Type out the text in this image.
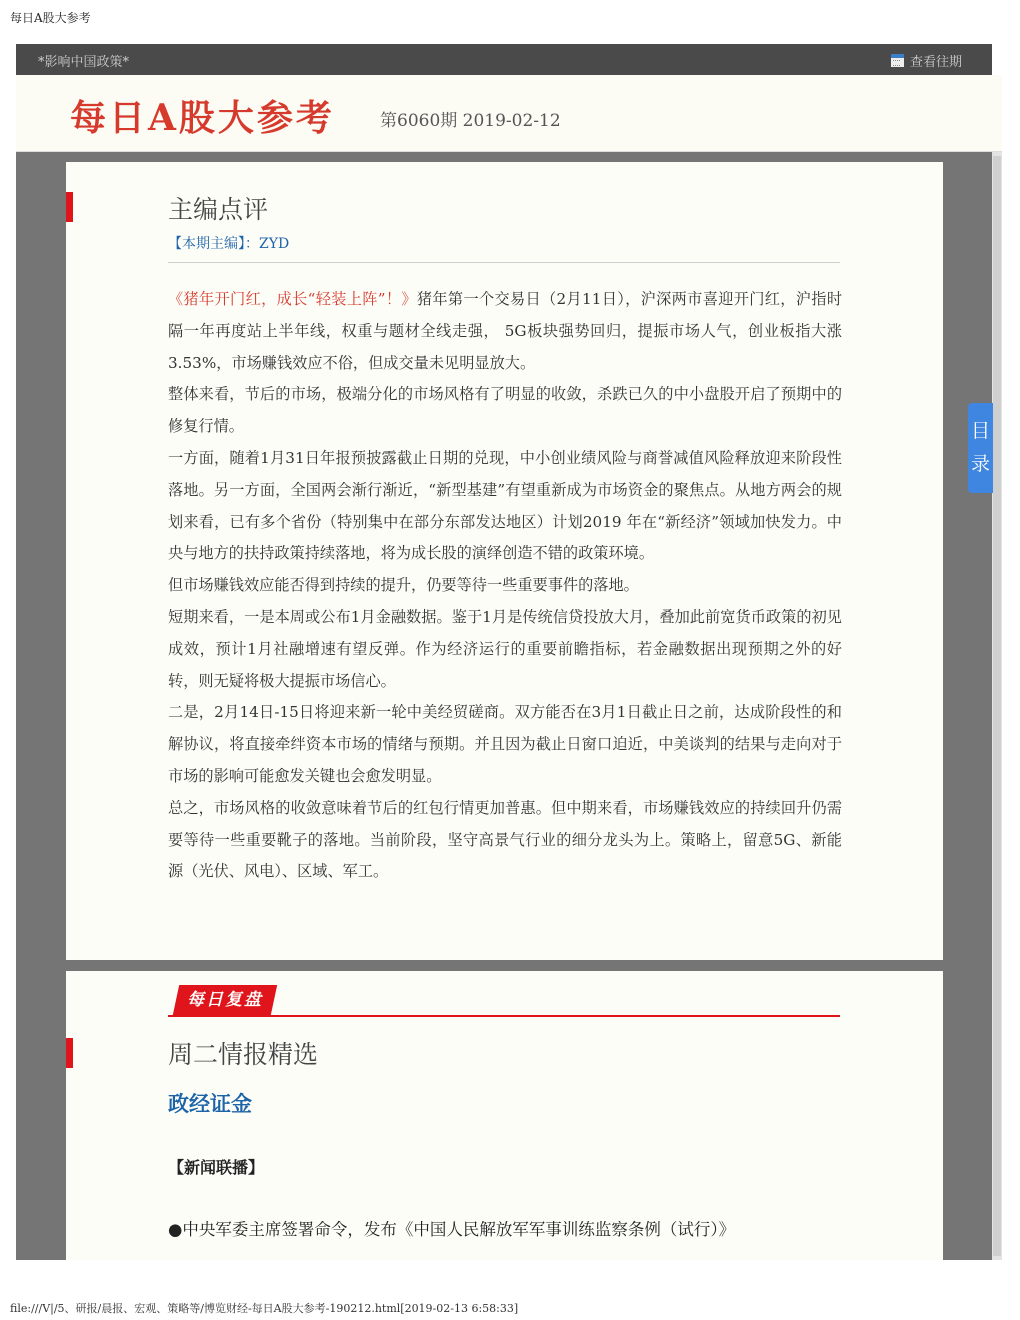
每日A股大参考
*影响中国政策*	查看往期
每日A股大参考	第6060期 2019-02-12
主编点评
【本期主编】：ZYD

《猪年开门红，成长“轻装上阵”！》猪年第一个交易日（2月11日），沪深两市喜迎开门红，沪指时隔一年再度站上半年线，权重与题材全线走强， 5G板块强势回归，提振市场人气，创业板指大涨3.53%，市场赚钱效应不俗，但成交量未见明显放大。

整体来看，节后的市场，极端分化的市场风格有了明显的收敛，杀跌已久的中小盘股开启了预期中的修复行情。

一方面，随着1月31日年报预披露截止日期的兑现，中小创业绩风险与商誉减值风险释放迎来阶段性落地。另一方面，全国两会渐行渐近，“新型基建”有望重新成为市场资金的聚焦点。从地方两会的规划来看，已有多个省份（特别集中在部分东部发达地区）计划2019 年在“新经济”领域加快发力。中央与地方的扶持政策持续落地，将为成长股的演绎创造不错的政策环境。

但市场赚钱效应能否得到持续的提升，仍要等待一些重要事件的落地。

短期来看，一是本周或公布1月金融数据。鉴于1月是传统信贷投放大月，叠加此前宽货币政策的初见成效，预计1月社融增速有望反弹。作为经济运行的重要前瞻指标，若金融数据出现预期之外的好转，则无疑将极大提振市场信心。

二是，2月14日-15日将迎来新一轮中美经贸磋商。双方能否在3月1日截止日之前，达成阶段性的和解协议，将直接牵绊资本市场的情绪与预期。并且因为截止日窗口迫近，中美谈判的结果与走向对于市场的影响可能愈发关键也会愈发明显。

总之，市场风格的收敛意味着节后的红包行情更加普惠。但中期来看，市场赚钱效应的持续回升仍需要等待一些重要靴子的落地。当前阶段，坚守高景气行业的细分龙头为上。策略上，留意5G、新能源（光伏、风电）、区域、军工。

目录
每日复盘
周二情报精选
政经证金
【新闻联播】
●中央军委主席签署命令，发布《中国人民解放军军事训练监察条例（试行）》
file:///V|/5、研报/晨报、宏观、策略等/博览财经-每日A股大参考-190212.html[2019-02-13 6:58:33]
